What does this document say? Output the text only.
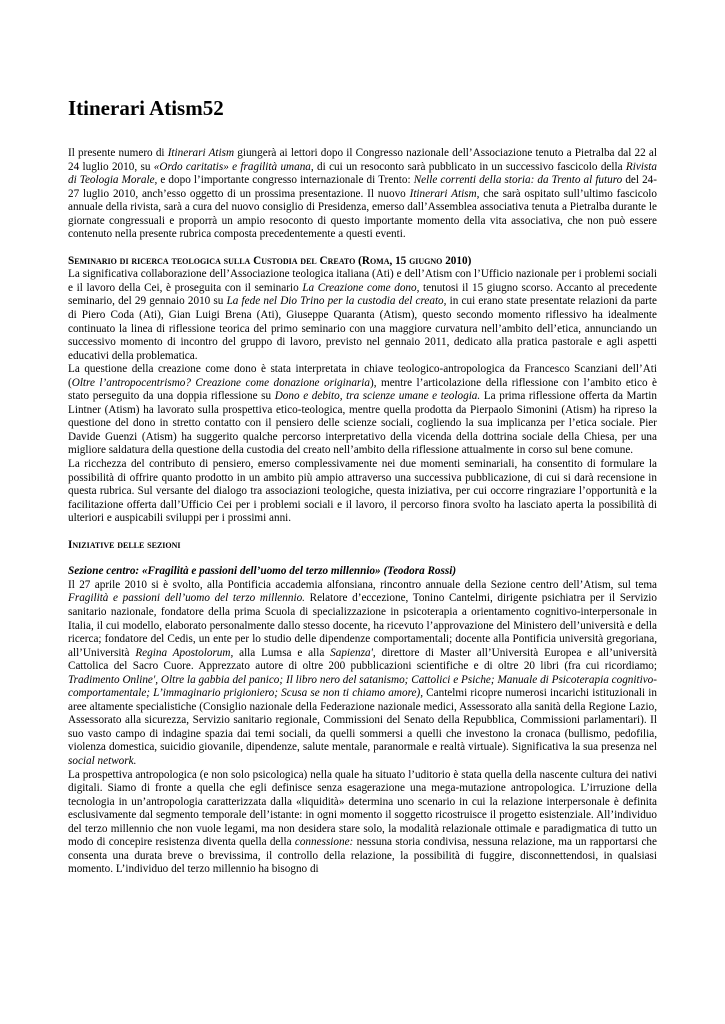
Itinerari Atism52

Il presente numero di Itinerari Atism giungerà ai lettori dopo il Congresso nazionale dell’Associazione tenuto a Pietralba dal 22 al 24 luglio 2010, su «Ordo caritatis» e fragilità umana, di cui un resoconto sarà pubblicato in un successivo fascicolo della Rivista di Teologia Morale, e dopo l’importante congresso internazionale di Trento: Nelle correnti della storia: da Trento al futuro del 24-27 luglio 2010, anch’esso oggetto di un prossima presentazione. Il nuovo Itinerari Atism, che sarà ospitato sull’ultimo fascicolo annuale della rivista, sarà a cura del nuovo consiglio di Presidenza, emerso dall’Assemblea associativa tenuta a Pietralba durante le giornate congressuali e proporrà un ampio resoconto di questo importante momento della vita associativa, che non può essere contenuto nella presente rubrica composta precedentemente a questi eventi.

Seminario di ricerca teologica sulla Custodia del Creato (Roma, 15 giugno 2010)

La significativa collaborazione dell’Associazione teologica italiana (Ati) e dell’Atism con l’Ufficio nazionale per i problemi sociali e il lavoro della Cei, è proseguita con il seminario La Creazione come dono, tenutosi il 15 giugno scorso. Accanto al precedente seminario, del 29 gennaio 2010 su La fede nel Dio Trino per la custodia del creato, in cui erano state presentate relazioni da parte di Piero Coda (Ati), Gian Luigi Brena (Ati), Giuseppe Quaranta (Atism), questo secondo momento riflessivo ha idealmente continuato la linea di riflessione teorica del primo seminario con una maggiore curvatura nell’ambito dell’etica, annunciando un successivo momento di incontro del gruppo di lavoro, previsto nel gennaio 2011, dedicato alla pratica pastorale e agli aspetti educativi della problematica.

La questione della creazione come dono è stata interpretata in chiave teologico-antropologica da Francesco Scanziani dell’Ati (Oltre l’antropocentrismo? Creazione come donazione originaria), mentre l’articolazione della riflessione con l’ambito etico è stato perseguito da una doppia riflessione su Dono e debito, tra scienze umane e teologia. La prima riflessione offerta da Martin Lintner (Atism) ha lavorato sulla prospettiva etico-teologica, mentre quella prodotta da Pierpaolo Simonini (Atism) ha ripreso la questione del dono in stretto contatto con il pensiero delle scienze sociali, cogliendo la sua implicanza per l’etica sociale. Pier Davide Guenzi (Atism) ha suggerito qualche percorso interpretativo della vicenda della dottrina sociale della Chiesa, per una migliore saldatura della questione della custodia del creato nell’ambito della riflessione attualmente in corso sul bene comune.

La ricchezza del contributo di pensiero, emerso complessivamente nei due momenti seminariali, ha consentito di formulare la possibilità di offrire quanto prodotto in un ambito più ampio attraverso una successiva pubblicazione, di cui si darà recensione in questa rubrica. Sul versante del dialogo tra associazioni teologiche, questa iniziativa, per cui occorre ringraziare l’opportunità e la facilitazione offerta dall’Ufficio Cei per i problemi sociali e il lavoro, il percorso finora svolto ha lasciato aperta la possibilità di ulteriori e auspicabili sviluppi per i prossimi anni.

Iniziative delle sezioni

Sezione centro: «Fragilità e passioni dell’uomo del terzo millennio» (Teodora Rossi)

Il 27 aprile 2010 si è svolto, alla Pontificia accademia alfonsiana, rincontro annuale della Sezione centro dell’Atism, sul tema Fragilità e passioni dell’uomo del terzo millennio. Relatore d’eccezione, Tonino Cantelmi, dirigente psichiatra per il Servizio sanitario nazionale, fondatore della prima Scuola di specializzazione in psicoterapia a orientamento cognitivo-interpersonale in Italia, il cui modello, elaborato personalmente dallo stesso docente, ha ricevuto l’approvazione del Ministero dell’università e della ricerca; fondatore del Cedis, un ente per lo studio delle dipendenze comportamentali; docente alla Pontificia università gregoriana, all’Università Regina Apostolorum, alla Lumsa e alla Sapienza', direttore di Master all’Università Europea e all’università Cattolica del Sacro Cuore. Apprezzato autore di oltre 200 pubblicazioni scientifiche e di oltre 20 libri (fra cui ricordiamo; Tradimento Online', Oltre la gabbia del panico; Il libro nero del satanismo; Cattolici e Psiche; Manuale di Psicoterapia cognitivo-comportamentale; L’immaginario prigioniero; Scusa se non ti chiamo amore), Cantelmi ricopre numerosi incarichi istituzionali in aree altamente specialistiche (Consiglio nazionale della Federazione nazionale medici, Assessorato alla sanità della Regione Lazio, Assessorato alla sicurezza, Servizio sanitario regionale, Commissioni del Senato della Repubblica, Commissioni parlamentari). Il suo vasto campo di indagine spazia dai temi sociali, da quelli sommersi a quelli che investono la cronaca (bullismo, pedofilia, violenza domestica, suicidio giovanile, dipendenze, salute mentale, paranormale e realtà virtuale). Significativa la sua presenza nel social network.

La prospettiva antropologica (e non solo psicologica) nella quale ha situato l’uditorio è stata quella della nascente cultura dei nativi digitali. Siamo di fronte a quella che egli definisce senza esagerazione una mega-mutazione antropologica. L’irruzione della tecnologia in un’antropologia caratterizzata dalla «liquidità» determina uno scenario in cui la relazione interpersonale è definita esclusivamente dal segmento temporale dell’istante: in ogni momento il soggetto ricostruisce il progetto esistenziale. All’individuo del terzo millennio che non vuole legami, ma non desidera stare solo, la modalità relazionale ottimale e paradigmatica di tutto un modo di concepire resistenza diventa quella della connessione: nessuna storia condivisa, nessuna relazione, ma un rapportarsi che consenta una durata breve o brevissima, il controllo della relazione, la possibilità di fuggire, disconnettendosi, in qualsiasi momento. L’individuo del terzo millennio ha bisogno di
